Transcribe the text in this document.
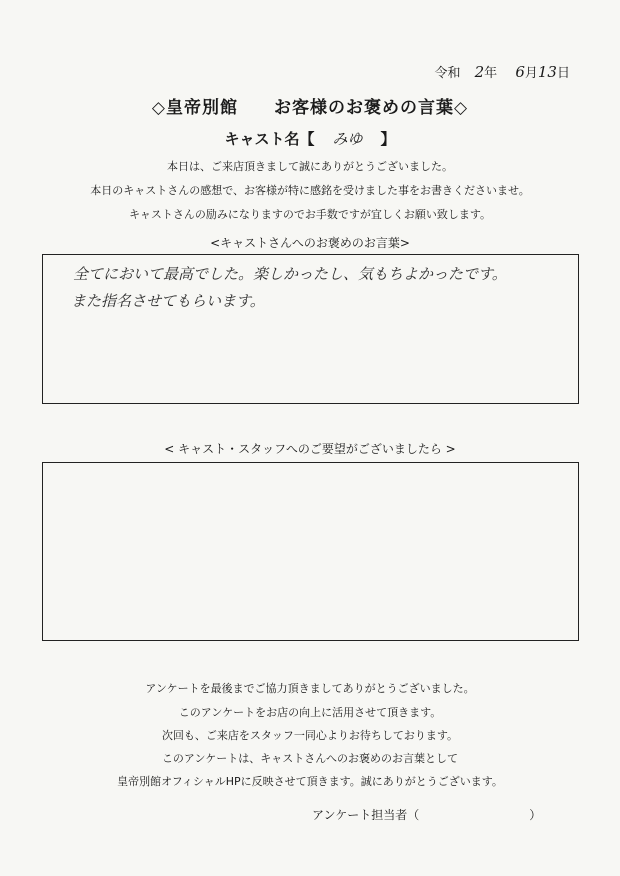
令和 2年 6月13日
◇皇帝別館　　お客様のお褒めの言葉◇
キャスト名【 みゆ 】
本日は、ご来店頂きまして誠にありがとうございました。
本日のキャストさんの感想で、お客様が特に感銘を受けました事をお書きくださいませ。
キャストさんの励みになりますのでお手数ですが宜しくお願い致します。
<キャストさんへのお褒めのお言葉>
全てにおいて最高でした。楽しかったし、気もちよかったです。
また指名させてもらいます。
< キャスト・スタッフへのご要望がございましたら >
アンケートを最後までご協力頂きましてありがとうございました。
このアンケートをお店の向上に活用させて頂きます。
次回も、ご来店をスタッフ一同心よりお待ちしております。
このアンケートは、キャストさんへのお褒めのお言葉として
皇帝別館オフィシャルHPに反映させて頂きます。誠にありがとうございます。
アンケート担当者（	）
